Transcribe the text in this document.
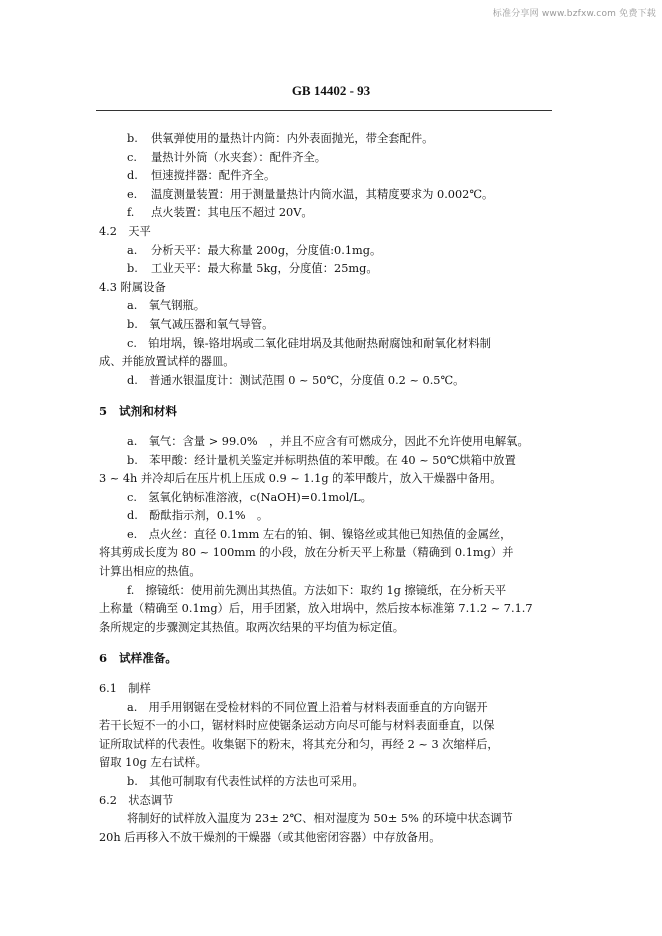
标准分享网 www.bzfxw.com 免费下载
GB 14402 - 93
b. 供氧弹使用的量热计内筒：内外表面抛光，带全套配件。
c. 量热计外筒（水夹套）：配件齐全。
d. 恒速搅拌器：配件齐全。
e. 温度测量装置：用于测量量热计内筒水温，其精度要求为 0.002℃。
f. 点火装置：其电压不超过 20V。
4.2　天平
a. 分析天平：最大称量 200g，分度值:0.1mg。
b. 工业天平：最大称量 5kg，分度值：25mg。
4.3 附属设备
a.　氧气钢瓶。
b.　氧气减压器和氧气导管。
c.　铂坩埚，镍-铬坩埚或二氧化硅坩埚及其他耐热耐腐蚀和耐氧化材料制
成、并能放置试样的器皿。
d.　普通水银温度计：测试范围 0 ~ 50℃，分度值 0.2 ~ 0.5℃。
5 试剂和材料
a.　氧气：含量 > 99.0%　，并且不应含有可燃成分，因此不允许使用电解氧。
b.　苯甲酸：经计量机关鉴定并标明热值的苯甲酸。在 40 ~ 50℃烘箱中放置
3 ~ 4h 并冷却后在压片机上压成 0.9 ~ 1.1g 的苯甲酸片，放入干燥器中备用。
c.　氢氧化钠标准溶液，c(NaOH)=0.1mol/L。
d.　酚酞指示剂，0.1%　。
e.　点火丝：直径 0.1mm 左右的铂、铜、镍铬丝或其他已知热值的金属丝，
将其剪成长度为 80 ~ 100mm 的小段，放在分析天平上称量（精确到 0.1mg）并
计算出相应的热值。
f.　擦镜纸：使用前先测出其热值。方法如下：取约 1g 擦镜纸，在分析天平
上称量（精确至 0.1mg）后，用手团紧，放入坩埚中，然后按本标准第 7.1.2 ~ 7.1.7
条所规定的步骤测定其热值。取两次结果的平均值为标定值。
6 试样准备。
6.1　制样
a.　用手用钢锯在受检材料的不同位置上沿着与材料表面垂直的方向锯开
若干长短不一的小口，锯材料时应使锯条运动方向尽可能与材料表面垂直，以保
证所取试样的代表性。收集锯下的粉末，将其充分和匀，再经 2 ~ 3 次缩样后，
留取 10g 左右试样。
b.　其他可制取有代表性试样的方法也可采用。
6.2　状态调节
将制好的试样放入温度为 23± 2℃、相对湿度为 50± 5% 的环境中状态调节
20h 后再移入不放干燥剂的干燥器（或其他密闭容器）中存放备用。
